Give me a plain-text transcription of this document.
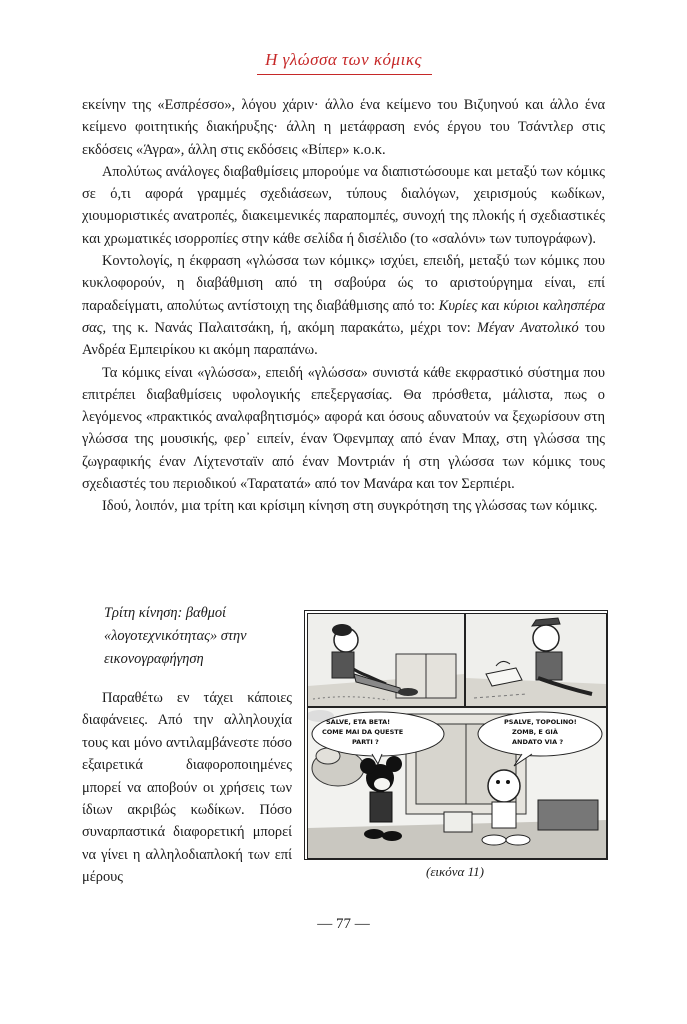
Η γλώσσα των κόμικς

εκείνην της «Εσπρέσσο», λόγου χάριν· άλλο ένα κείμενο του Βιζυηνού και άλλο ένα κείμενο φοιτητικής διακήρυξης· άλλη η μετάφραση ενός έργου του Τσάντλερ στις εκδόσεις «Άγρα», άλλη στις εκδόσεις «Βίπερ» κ.ο.κ.

Απολύτως ανάλογες διαβαθμίσεις μπορούμε να διαπιστώσουμε και μεταξύ των κόμικς σε ό,τι αφορά γραμμές σχεδιάσεων, τύπους διαλόγων, χειρισμούς κωδίκων, χιουμοριστικές ανατροπές, διακειμενικές παραπομπές, συνοχή της πλοκής ή σχεδιαστικές και χρωματικές ισορροπίες στην κάθε σελίδα ή δισέλιδο (το «σαλόνι» των τυπογράφων).

Κοντολογίς, η έκφραση «γλώσσα των κόμικς» ισχύει, επειδή, μεταξύ των κόμικς που κυκλοφορούν, η διαβάθμιση από τη σαβούρα ώς το αριστούργημα είναι, επί παραδείγματι, απολύτως αντίστοιχη της διαβάθμισης από το: Κυρίες και κύριοι καλησπέρα σας, της κ. Νανάς Παλαιτσάκη, ή, ακόμη παρακάτω, μέχρι τον: Μέγαν Ανατολικό του Ανδρέα Εμπειρίκου κι ακόμη παραπάνω.

Τα κόμικς είναι «γλώσσα», επειδή «γλώσσα» συνιστά κάθε εκφραστικό σύστημα που επιτρέπει διαβαθμίσεις υφολογικής επεξεργασίας. Θα πρόσθετα, μάλιστα, πως ο λεγόμενος «πρακτικός αναλφαβητισμός» αφορά και όσους αδυνατούν να ξεχωρίσουν στη γλώσσα της μουσικής, φερ᾽ ειπείν, έναν Όφενμπαχ από έναν Μπαχ, στη γλώσσα της ζωγραφικής έναν Λίχτενσταϊν από έναν Μοντριάν ή στη γλώσσα των κόμικς τους σχεδιαστές του περιοδικού «Ταρατατά» από τον Μανάρα και τον Σερπιέρι.

Ιδού, λοιπόν, μια τρίτη και κρίσιμη κίνηση στη συγκρότηση της γλώσσας των κόμικς.

Τρίτη κίνηση: βαθμοί «λογοτεχνικότητας» στην εικονογραφήγηση

Παραθέτω εν τάχει κάποιες διαφάνειες. Από την αλληλουχία τους και μόνο αντιλαμβάνεστε πόσο εξαιρετικά διαφοροποιημένες μπορεί να αποβούν οι χρήσεις των ίδιων ακριβώς κωδίκων. Πόσο συναρπαστικά διαφορετική μπορεί να γίνει η αλληλοδιαπλοκή των επί μέρους

SALVE, ETA BETA!
COME MAI DA QUESTE
PARTI ?
PSALVE, TOPOLINO!
ZOMB, E GIÀ
ANDATO VIA ?
(εικόνα 11)
— 77 —
